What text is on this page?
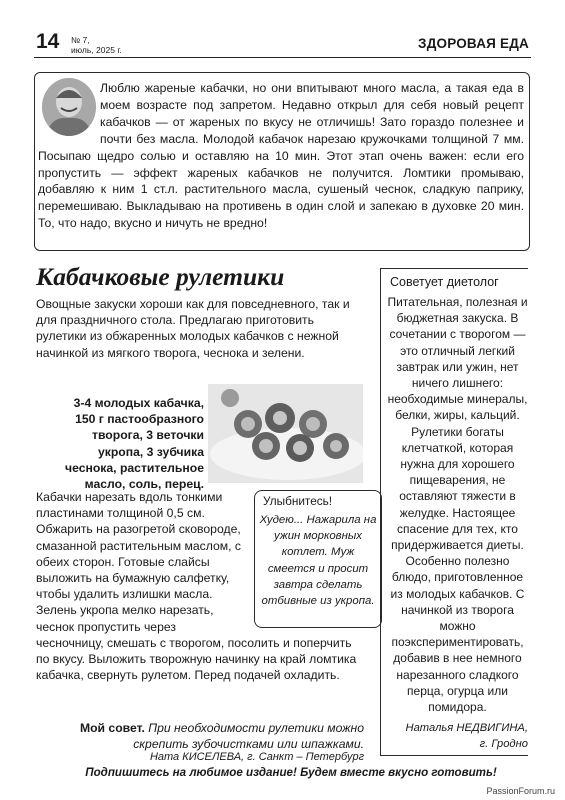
14 № 7,
июль, 2025 г.	ЗДОРОВАЯ ЕДА
Люблю жареные кабачки, но они впитывают много масла, а такая еда в моем возрасте под запретом. Недавно открыл для себя новый рецепт кабачков — от жареных по вкусу не отличишь! Зато гораздо полезнее и почти без масла. Молодой кабачок нарезаю кружочками толщиной 7 мм. Посыпаю щедро солью и оставляю на 10 мин. Этот этап очень важен: если его пропустить — эффект жареных кабачков не получится. Ломтики промываю, добавляю к ним 1 ст.л. растительного масла, сушеный чеснок, сладкую паприку, перемешиваю. Выкладываю на противень в один слой и запекаю в духовке 20 мин. То, что надо, вкусно и ничуть не вредно!
Кабачковые рулетики
Овощные закуски хороши как для повседневного, так и для праздничного стола. Предлагаю приготовить рулетики из обжаренных молодых кабачков с нежной начинкой из мягкого творога, чеснока и зелени.
3-4 молодых кабачка, 150 г пастообразного творога, 3 веточки укропа, 3 зубчика чеснока, растительное масло, соль, перец.
Кабачки нарезать вдоль тонкими пластинами толщиной 0,5 см. Обжарить на разогретой сковороде, смазанной растительным маслом, с обеих сторон. Готовые слайсы выложить на бумажную салфетку, чтобы удалить излишки масла. Зелень укропа мелко нарезать, чеснок пропустить через чесночницу, смешать с творогом, посолить и поперчить по вкусу. Выложить творожную начинку на край ломтика кабачка, свернуть рулетом. Перед подачей охладить.
Улыбнитесь!
Худею... Нажарила на ужин морковных котлет. Муж смеется и просит завтра сделать отбивные из укропа.
Мой совет. При необходимости рулетики можно скрепить зубочистками или шпажками.
Ната КИСЕЛЕВА, г. Санкт – Петербург
Советует диетолог
Питательная, полезная и бюджетная закуска. В сочетании с творогом — это отличный легкий завтрак или ужин, нет ничего лишнего: необходимые минералы, белки, жиры, кальций. Рулетики богаты клетчаткой, которая нужна для хорошего пищеварения, не оставляют тяжести в желудке. Настоящее спасение для тех, кто придерживается диеты. Особенно полезно блюдо, приготовленное из молодых кабачков. С начинкой из творога можно поэкспериментировать, добавив в нее немного нарезанного сладкого перца, огурца или помидора.
Наталья НЕДВИГИНА,
г. Гродно
Подпишитесь на любимое издание! Будем вместе вкусно готовить!
PassionForum.ru
